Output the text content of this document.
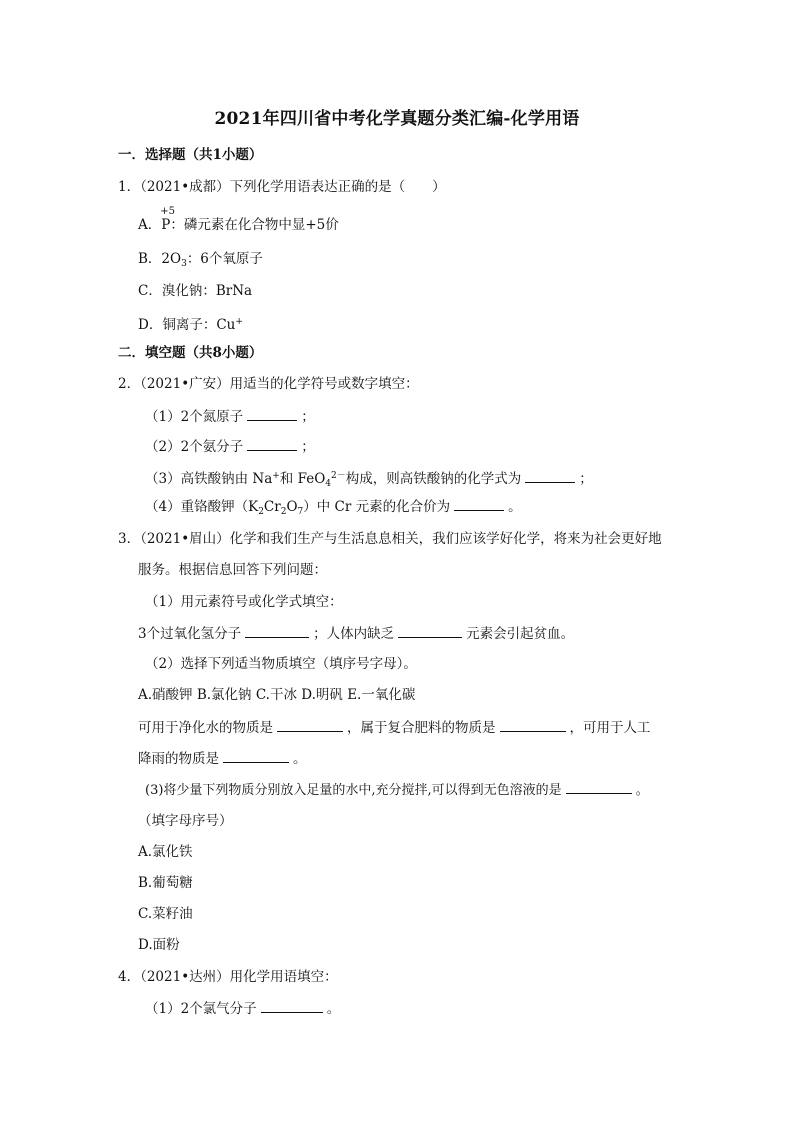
2021年四川省中考化学真题分类汇编-化学用语
一．选择题（共1小题）
1．（2021•成都）下列化学用语表达正确的是（　　）
A．
+5
P：磷元素在化合物中显+5价
B．$2O_3$：6个氧原子
C．溴化钠：BrNa
D．铜离子：Cu+
二．填空题（共8小题）
2．（2021•广安）用适当的化学符号或数字填空：
（1）2个氮原子	；
（2）2个氨分子	；
（3）高铁酸钠由 Na+和 FeO$_4^{2-}$构成，则高铁酸钠的化学式为	；
（4）重铬酸钾$(K_2Cr_2O_7)$中 Cr 元素的化合价为	。
3．（2021•眉山）化学和我们生产与生活息息相关，我们应该学好化学，将来为社会更好地
服务。根据信息回答下列问题：
（1）用元素符号或化学式填空：
3个过氧化氢分子	；人体内缺乏	元素会引起贫血。
（2）选择下列适当物质填空（填序号字母）。
A.硝酸钾 B.氯化钠 C.干冰 D.明矾 E.一氧化碳
可用于净化水的物质是	，属于复合肥料的物质是	，可用于人工
降雨的物质是	。
(3)将少量下列物质分别放入足量的水中,充分搅拌,可以得到无色溶液的是	。
（填字母序号）
A.氯化铁
B.葡萄糖
C.菜籽油
D.面粉
4．（2021•达州）用化学用语填空：
（1）2个氯气分子	。
